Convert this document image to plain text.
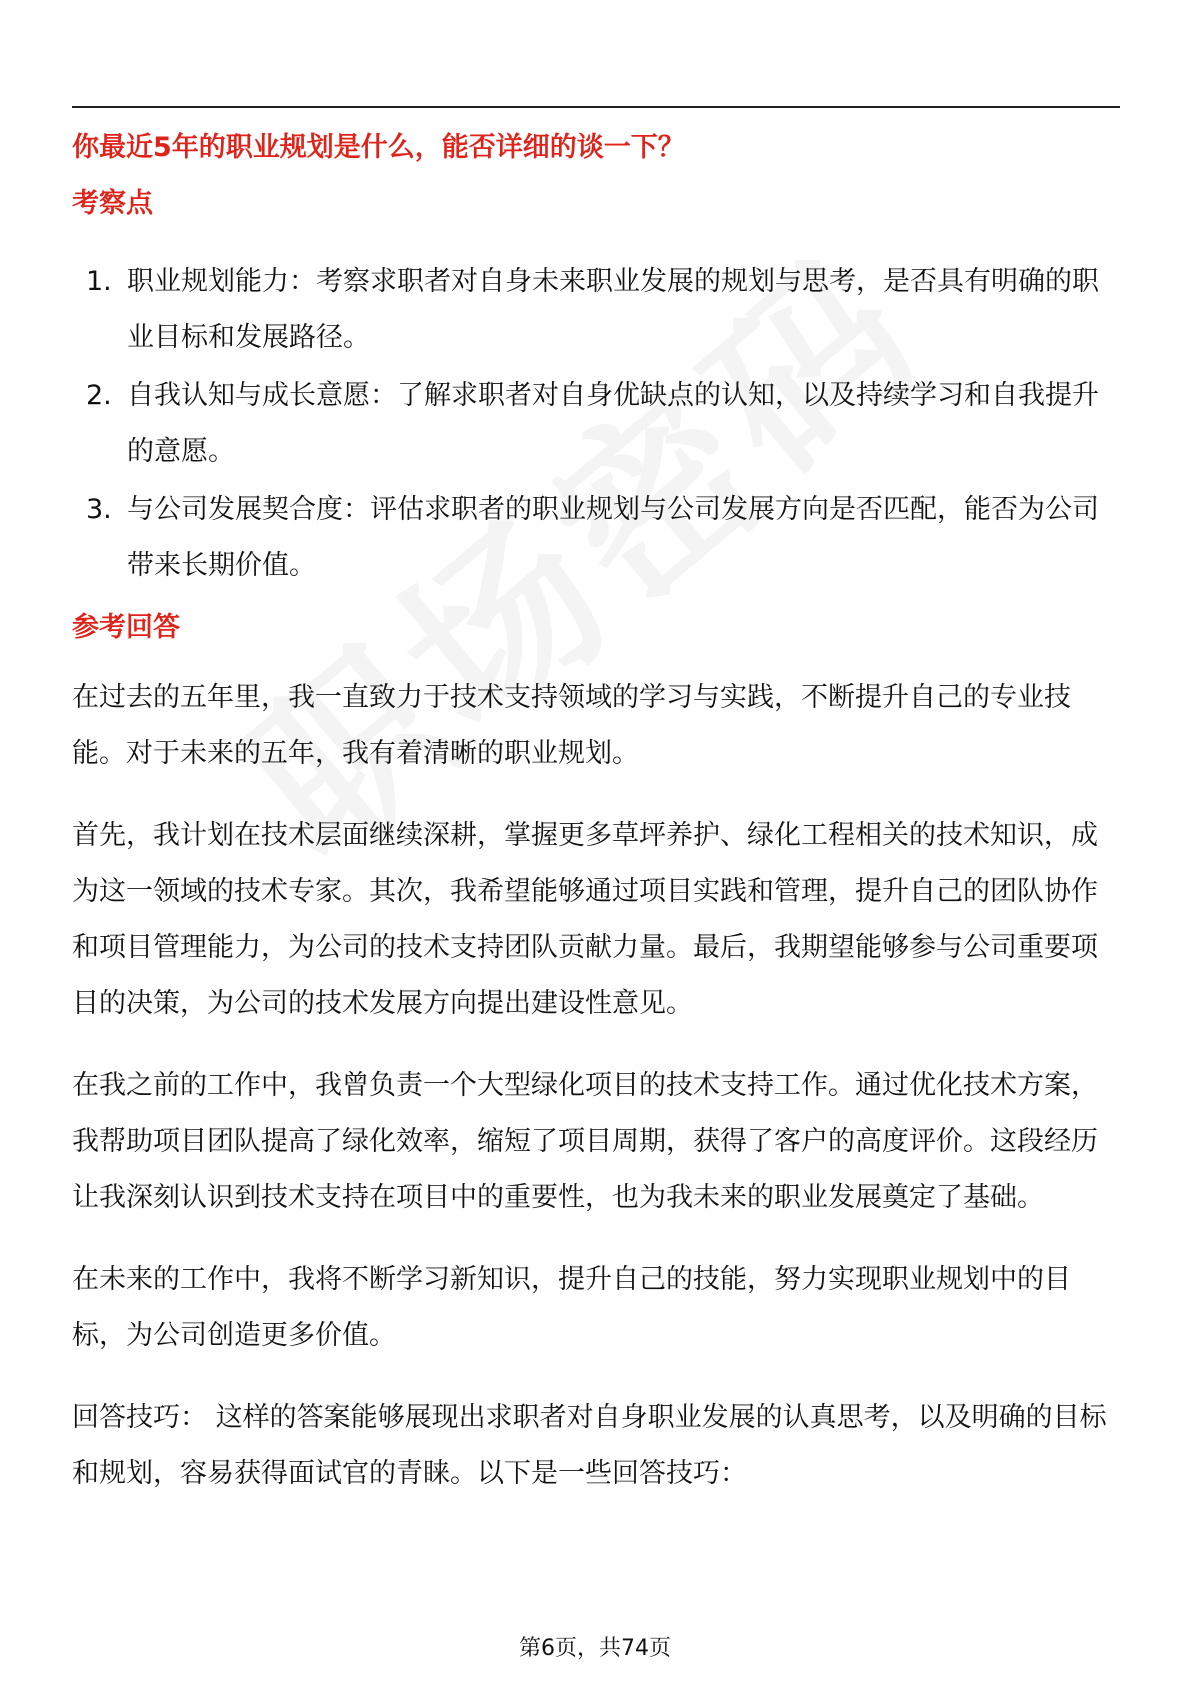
你最近5年的职业规划是什么，能否详细的谈一下？
考察点
1. 职业规划能力：考察求职者对自身未来职业发展的规划与思考，是否具有明确的职业目标和发展路径。
2. 自我认知与成长意愿：了解求职者对自身优缺点的认知，以及持续学习和自我提升的意愿。
3. 与公司发展契合度：评估求职者的职业规划与公司发展方向是否匹配，能否为公司带来长期价值。
参考回答

在过去的五年里，我一直致力于技术支持领域的学习与实践，不断提升自己的专业技能。对于未来的五年，我有着清晰的职业规划。

首先，我计划在技术层面继续深耕，掌握更多草坪养护、绿化工程相关的技术知识，成为这一领域的技术专家。其次，我希望能够通过项目实践和管理，提升自己的团队协作和项目管理能力，为公司的技术支持团队贡献力量。最后，我期望能够参与公司重要项目的决策，为公司的技术发展方向提出建设性意见。

在我之前的工作中，我曾负责一个大型绿化项目的技术支持工作。通过优化技术方案，我帮助项目团队提高了绿化效率，缩短了项目周期，获得了客户的高度评价。这段经历让我深刻认识到技术支持在项目中的重要性，也为我未来的职业发展奠定了基础。

在未来的工作中，我将不断学习新知识，提升自己的技能，努力实现职业规划中的目标，为公司创造更多价值。

回答技巧： 这样的答案能够展现出求职者对自身职业发展的认真思考，以及明确的目标和规划，容易获得面试官的青睐。以下是一些回答技巧：

第6页，共74页
